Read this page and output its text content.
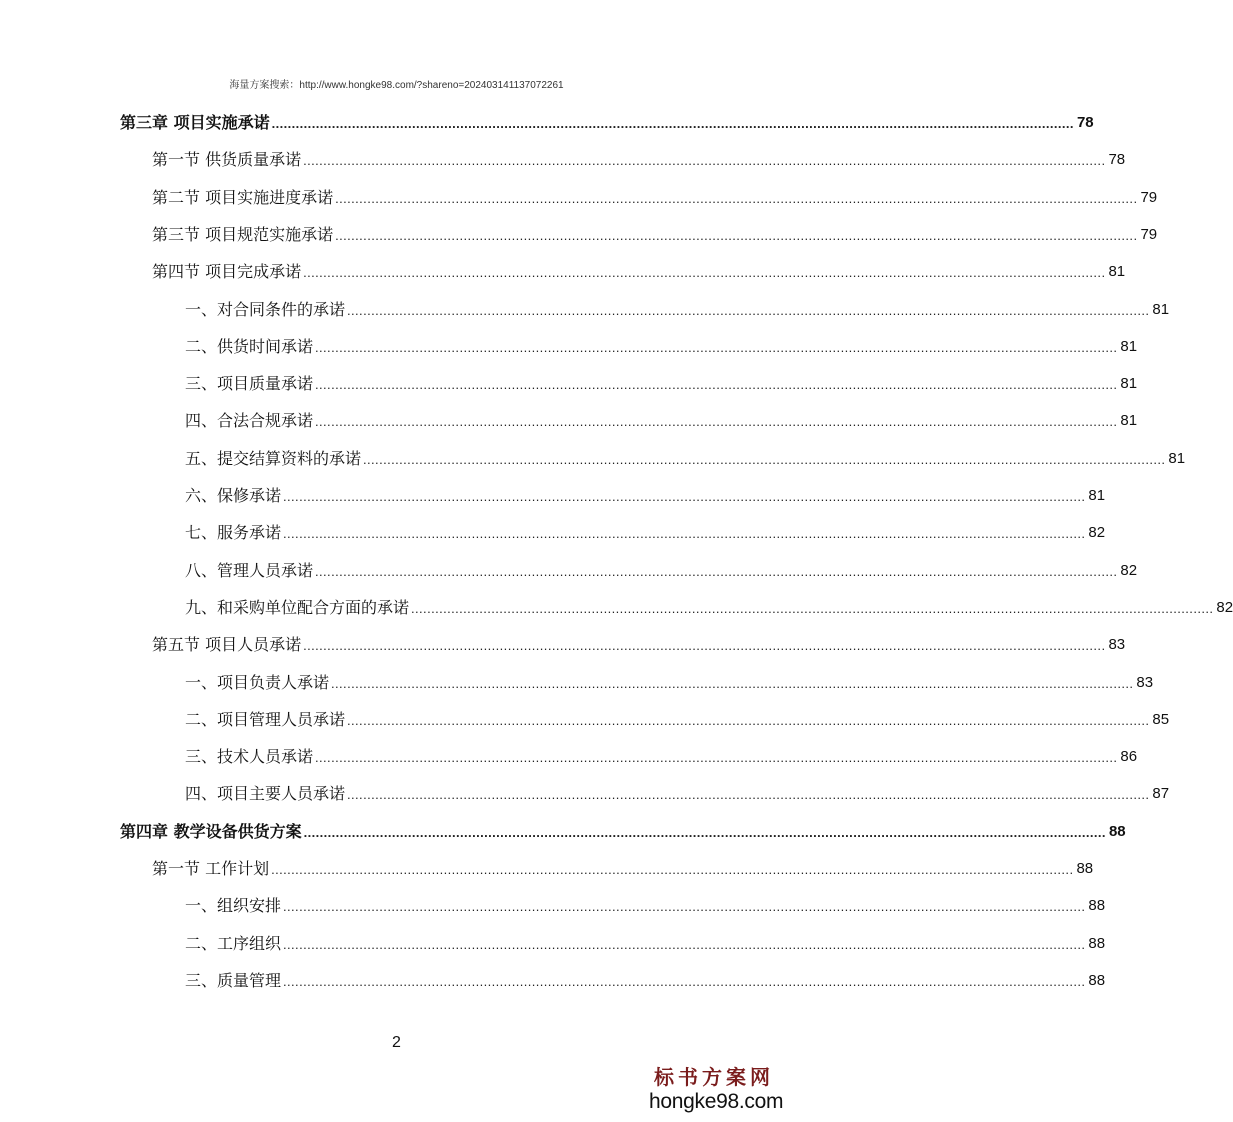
海量方案搜索：http://www.hongke98.com/?shareno=20240314113707226​1
第三章 项目实施承诺 ........................................................................................................................................................................................................ 78
第一节 供货质量承诺 ........................................................................................................................................................................................................ 78
第二节 项目实施进度承诺 ........................................................................................................................................................................................................ 79
第三节 项目规范实施承诺 ........................................................................................................................................................................................................ 79
第四节 项目完成承诺 ........................................................................................................................................................................................................ 81
一、对合同条件的承诺 ........................................................................................................................................................................................................ 81
二、供货时间承诺 ........................................................................................................................................................................................................ 81
三、项目质量承诺 ........................................................................................................................................................................................................ 81
四、合法合规承诺 ........................................................................................................................................................................................................ 81
五、提交结算资料的承诺 ........................................................................................................................................................................................................ 81
六、保修承诺 ........................................................................................................................................................................................................ 81
七、服务承诺 ........................................................................................................................................................................................................ 82
八、管理人员承诺 ........................................................................................................................................................................................................ 82
九、和采购单位配合方面的承诺 ........................................................................................................................................................................................................ 82
第五节 项目人员承诺 ........................................................................................................................................................................................................ 83
一、项目负责人承诺 ........................................................................................................................................................................................................ 83
二、项目管理人员承诺 ........................................................................................................................................................................................................ 85
三、技术人员承诺 ........................................................................................................................................................................................................ 86
四、项目主要人员承诺 ........................................................................................................................................................................................................ 87
第四章 教学设备供货方案 ........................................................................................................................................................................................................ 88
第一节 工作计划 ........................................................................................................................................................................................................ 88
一、组织安排 ........................................................................................................................................................................................................ 88
二、工序组织 ........................................................................................................................................................................................................ 88
三、质量管理 ........................................................................................................................................................................................................ 88
2
标书方案网
hongke98.com
